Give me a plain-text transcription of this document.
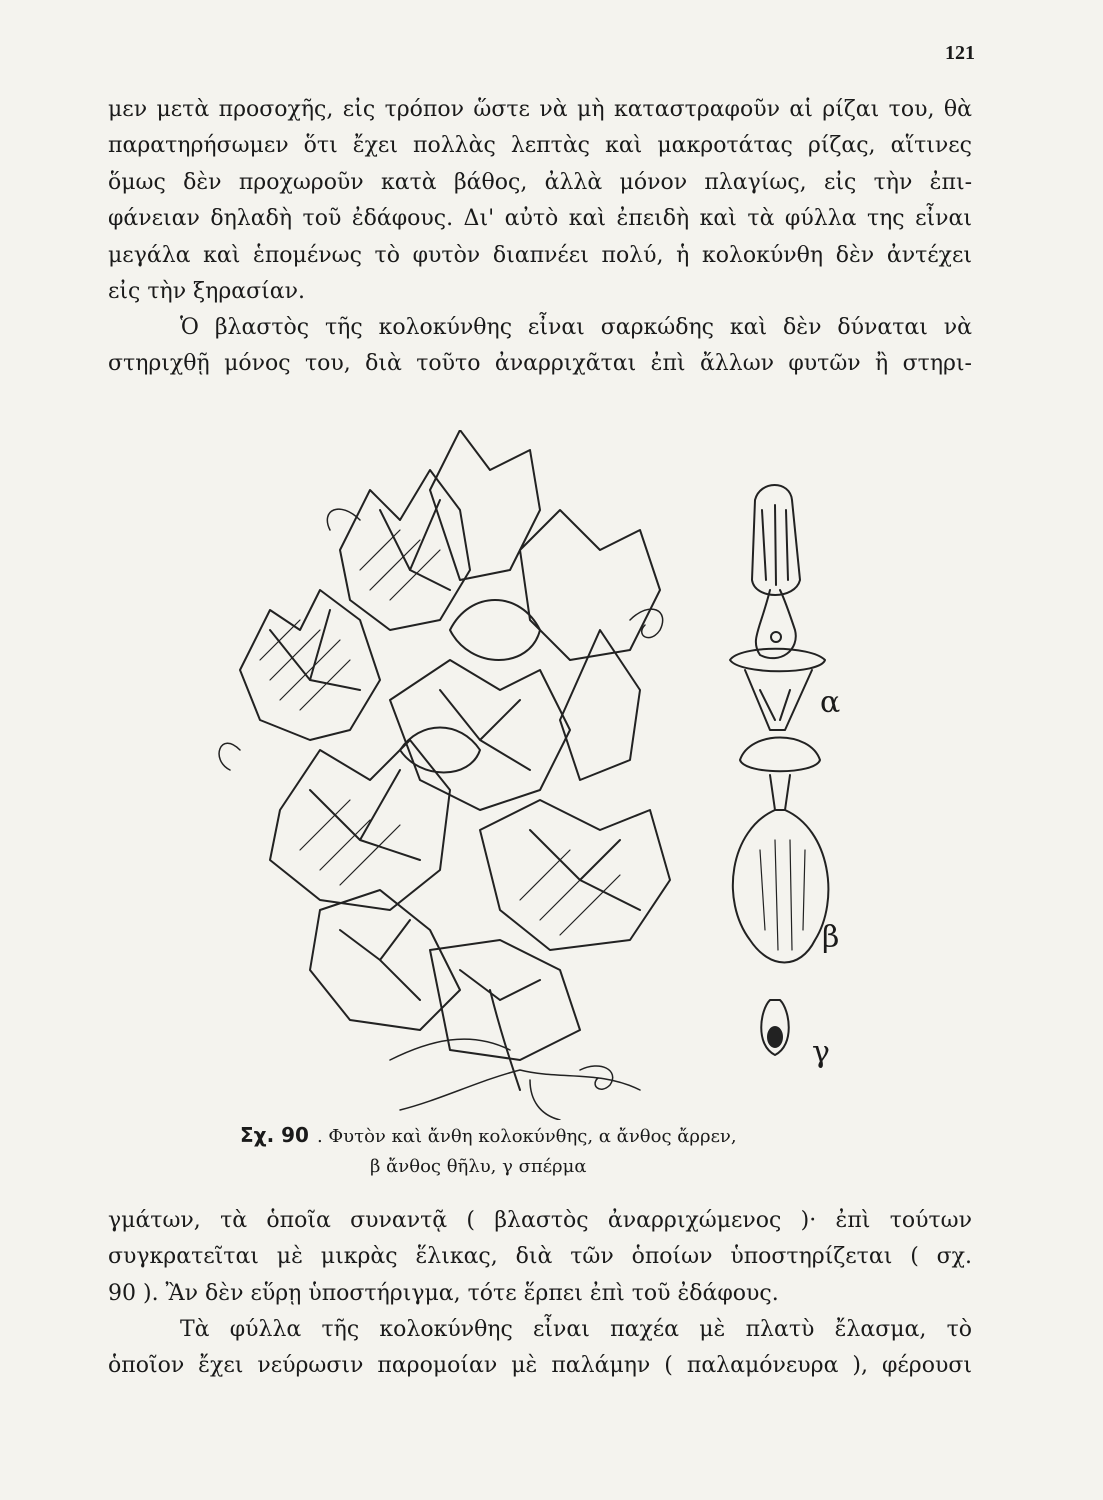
121
μεν μετὰ προσοχῆς, εἰς τρόπον ὥστε νὰ μὴ καταστραφοῦν αἱ ρίζαι του, θὰ
παρατηρήσωμεν ὅτι ἔχει πολλὰς λεπτὰς καὶ μακροτάτας ρίζας, αἵτινες
ὅμως δὲν προχωροῦν κατὰ βάθος, ἀλλὰ μόνον πλαγίως, εἰς τὴν ἐπι-
φάνειαν δηλαδὴ τοῦ ἐδάφους. Δι' αὐτὸ καὶ ἐπειδὴ καὶ τὰ φύλλα της εἶναι
μεγάλα καὶ ἑπομένως τὸ φυτὸν διαπνέει πολύ, ἡ κολοκύνθη δὲν ἀντέχει
εἰς τὴν ξηρασίαν.
Ὁ βλαστὸς τῆς κολοκύνθης εἶναι σαρκώδης καὶ δὲν δύναται νὰ
στηριχθῇ μόνος του, διὰ τοῦτο ἀναρριχᾶται ἐπὶ ἄλλων φυτῶν ἢ στηρι-
α
β
γ
Σχ. 90 . Φυτὸν καὶ ἄνθη κολοκύνθης, α ἄνθος ἄρρεν,
β ἄνθος θῆλυ, γ σπέρμα
γμάτων, τὰ ὁποῖα συναντᾷ ( βλαστὸς ἀναρριχώμενος )· ἐπὶ τούτων
συγκρατεῖται μὲ μικρὰς ἕλικας, διὰ τῶν ὁποίων ὑποστηρίζεται ( σχ.
90 ). Ἂν δὲν εὕρῃ ὑποστήριγμα, τότε ἕρπει ἐπὶ τοῦ ἐδάφους.
Τὰ φύλλα τῆς κολοκύνθης εἶναι παχέα μὲ πλατὺ ἔλασμα, τὸ
ὁποῖον ἔχει νεύρωσιν παρομοίαν μὲ παλάμην ( παλαμόνευρα ), φέρουσι
